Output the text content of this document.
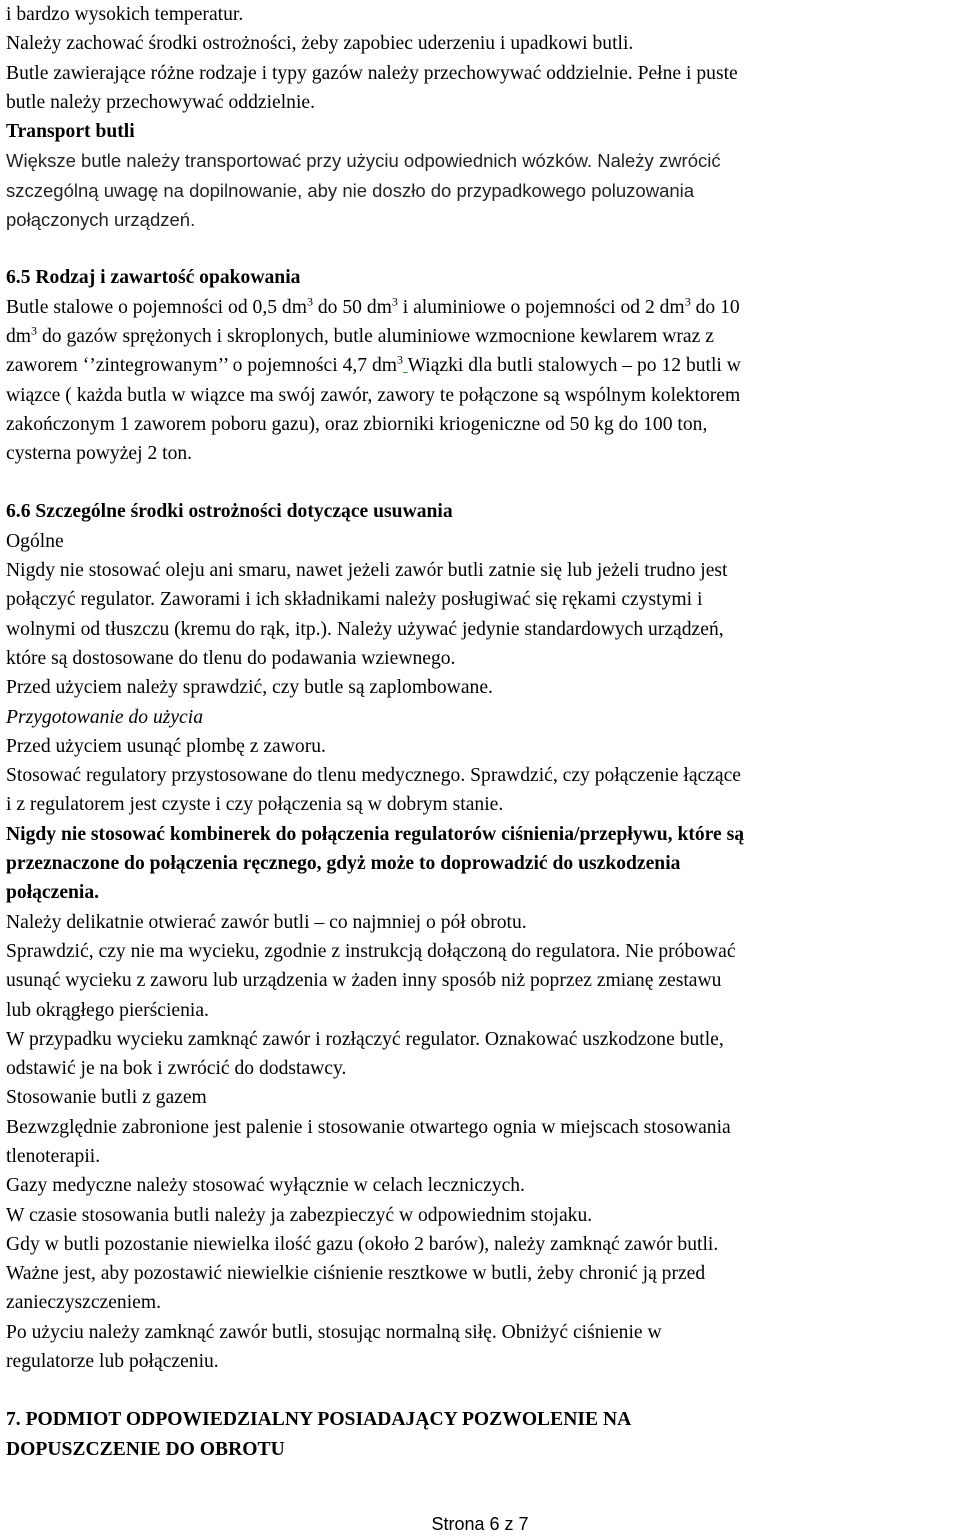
i bardzo wysokich temperatur.

Należy zachować środki ostrożności, żeby zapobiec uderzeniu i upadkowi butli.

Butle zawierające różne rodzaje i typy gazów należy przechowywać oddzielnie. Pełne i puste

butle należy przechowywać oddzielnie.

Transport butli

Większe butle należy transportować przy użyciu odpowiednich wózków. Należy zwrócić

szczególną uwagę na dopilnowanie, aby nie doszło do przypadkowego poluzowania

połączonych urządzeń.

6.5 Rodzaj i zawartość opakowania

Butle stalowe o pojemności od 0,5 $dm^3$ do 50 $dm^3$ i aluminiowe o pojemności od 2 $dm^3$ do 10

$dm^3$ do gazów sprężonych i skroplonych, butle aluminiowe wzmocnione kewlarem wraz z

zaworem ‘’zintegrowanym’’ o pojemności 4,7 $dm^3$ Wiązki dla butli stalowych – po 12 butli w

wiązce ( każda butla w wiązce ma swój zawór, zawory te połączone są wspólnym kolektorem

zakończonym 1 zaworem poboru gazu), oraz zbiorniki kriogeniczne od 50 kg do 100 ton,

cysterna powyżej 2 ton.

6.6 Szczególne środki ostrożności dotyczące usuwania

Ogólne

Nigdy nie stosować oleju ani smaru, nawet jeżeli zawór butli zatnie się lub jeżeli trudno jest

połączyć regulator. Zaworami i ich składnikami należy posługiwać się rękami czystymi i

wolnymi od tłuszczu (kremu do rąk, itp.). Należy używać jedynie standardowych urządzeń,

które są dostosowane do tlenu do podawania wziewnego.

Przed użyciem należy sprawdzić, czy butle są zaplombowane.

Przygotowanie do użycia

Przed użyciem usunąć plombę z zaworu.

Stosować regulatory przystosowane do tlenu medycznego. Sprawdzić, czy połączenie łączące

i z regulatorem jest czyste i czy połączenia są w dobrym stanie.

Nigdy nie stosować kombinerek do połączenia regulatorów ciśnienia/przepływu, które są

przeznaczone do połączenia ręcznego, gdyż może to doprowadzić do uszkodzenia

połączenia.

Należy delikatnie otwierać zawór butli – co najmniej o pół obrotu.

Sprawdzić, czy nie ma wycieku, zgodnie z instrukcją dołączoną do regulatora. Nie próbować

usunąć wycieku z zaworu lub urządzenia w żaden inny sposób niż poprzez zmianę zestawu

lub okrągłego pierścienia.

W przypadku wycieku zamknąć zawór i rozłączyć regulator. Oznakować uszkodzone butle,

odstawić je na bok i zwrócić do dodstawcy.

Stosowanie butli z gazem

Bezwzględnie zabronione jest palenie i stosowanie otwartego ognia w miejscach stosowania

tlenoterapii.

Gazy medyczne należy stosować wyłącznie w celach leczniczych.

W czasie stosowania butli należy ja zabezpieczyć w odpowiednim stojaku.

Gdy w butli pozostanie niewielka ilość gazu (około 2 barów), należy zamknąć zawór butli.

Ważne jest, aby pozostawić niewielkie ciśnienie resztkowe w butli, żeby chronić ją przed

zanieczyszczeniem.

Po użyciu należy zamknąć zawór butli, stosując normalną siłę. Obniżyć ciśnienie w

regulatorze lub połączeniu.

7. PODMIOT ODPOWIEDZIALNY POSIADAJĄCY POZWOLENIE NA

DOPUSZCZENIE DO OBROTU

Strona 6 z 7
